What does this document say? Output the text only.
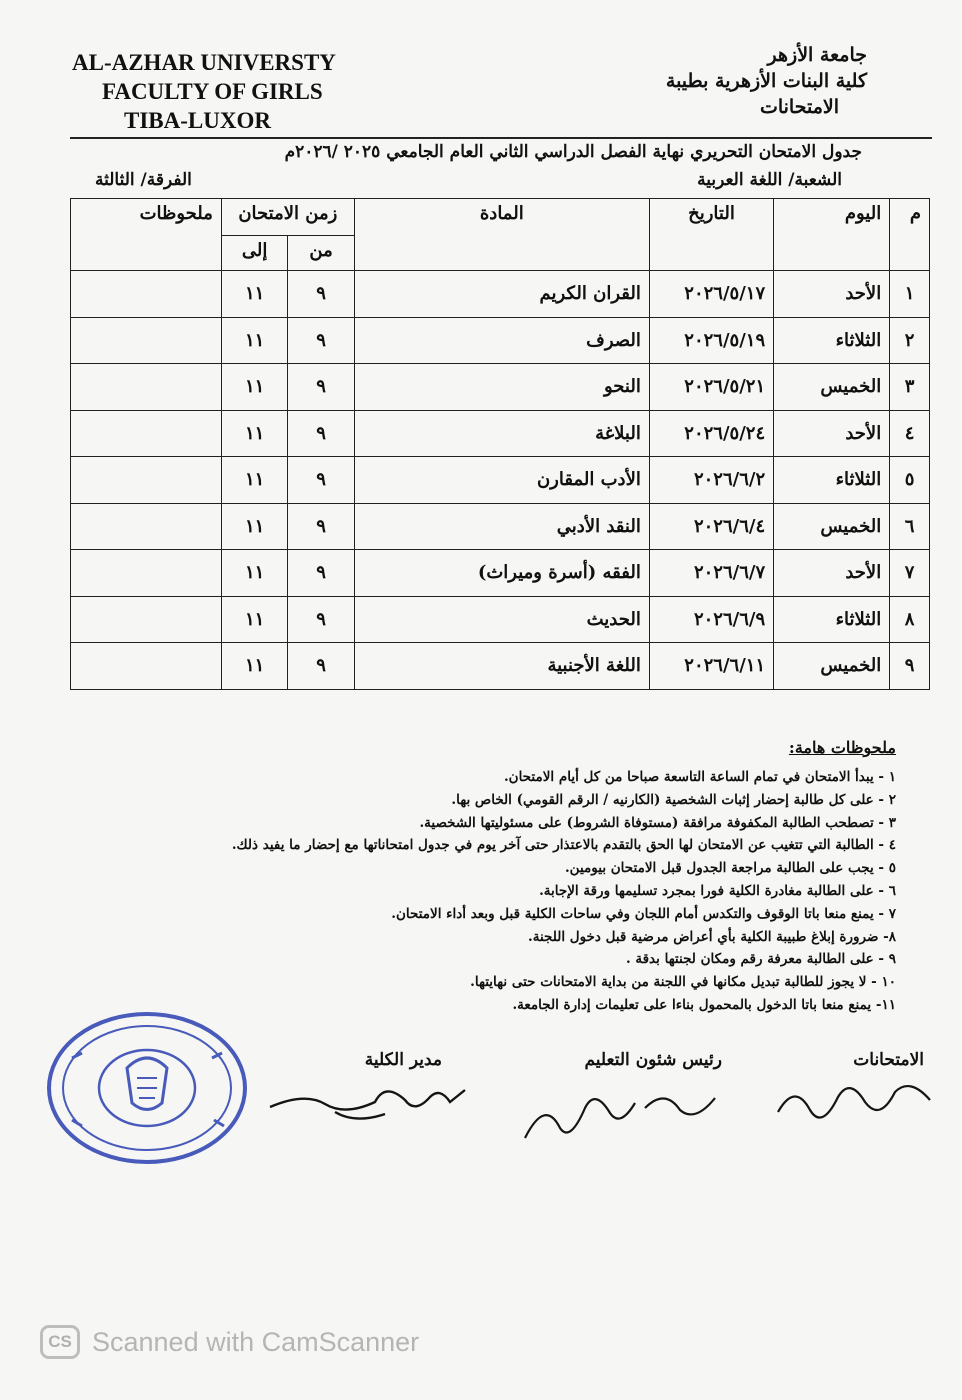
AL-AZHAR UNIVERSTY
FACULTY OF GIRLS
TIBA-LUXOR
جامعة الأزهر
كلية البنات الأزهرية بطيبة
الامتحانات
جدول الامتحان التحريري نهاية الفصل الدراسي الثاني العام الجامعي ٢٠٢٥ /٢٠٢٦م
الشعبة/ اللغة العربية
الفرقة/ الثالثة
م	اليوم	التاريخ	المادة	زمن الامتحان		ملحوظات
				من	إلى	
١	الأحد	٢٠٢٦/٥/١٧	القران الكريم	٩	١١	
٢	الثلاثاء	٢٠٢٦/٥/١٩	الصرف	٩	١١	
٣	الخميس	٢٠٢٦/٥/٢١	النحو	٩	١١	
٤	الأحد	٢٠٢٦/٥/٢٤	البلاغة	٩	١١	
٥	الثلاثاء	٢٠٢٦/٦/٢	الأدب المقارن	٩	١١	
٦	الخميس	٢٠٢٦/٦/٤	النقد الأدبي	٩	١١	
٧	الأحد	٢٠٢٦/٦/٧	الفقه (أسرة وميراث)	٩	١١	
٨	الثلاثاء	٢٠٢٦/٦/٩	الحديث	٩	١١	
٩	الخميس	٢٠٢٦/٦/١١	اللغة الأجنبية	٩	١١	
ملحوظات هامة:
١ - يبدأ الامتحان في تمام الساعة التاسعة صباحا من كل أيام الامتحان.
٢ - على كل طالبة إحضار إثبات الشخصية (الكارنيه / الرقم القومي) الخاص بها.
٣ - تصطحب الطالبة المكفوفة مرافقة (مستوفاة الشروط) على مسئوليتها الشخصية.
٤ - الطالبة التي تتغيب عن الامتحان لها الحق بالتقدم بالاعتذار حتى آخر يوم في جدول امتحاناتها مع إحضار ما يفيد ذلك.
٥ - يجب على الطالبة مراجعة الجدول قبل الامتحان بيومين.
٦ - على الطالبة مغادرة الكلية فورا بمجرد تسليمها ورقة الإجابة.
٧ - يمنع منعا باتا الوقوف والتكدس أمام اللجان وفي ساحات الكلية قبل وبعد أداء الامتحان.
٨- ضرورة إبلاغ طبيبة الكلية بأي أعراض مرضية قبل دخول اللجنة.
٩ - على الطالبة معرفة رقم ومكان لجنتها بدقة .
١٠ - لا يجوز للطالبة تبديل مكانها في اللجنة من بداية الامتحانات حتى نهايتها.
١١- يمنع منعا باتا الدخول بالمحمول بناءا على تعليمات إدارة الجامعة.
الامتحانات
رئيس شئون التعليم
مدير الكلية
CS Scanned with CamScanner
